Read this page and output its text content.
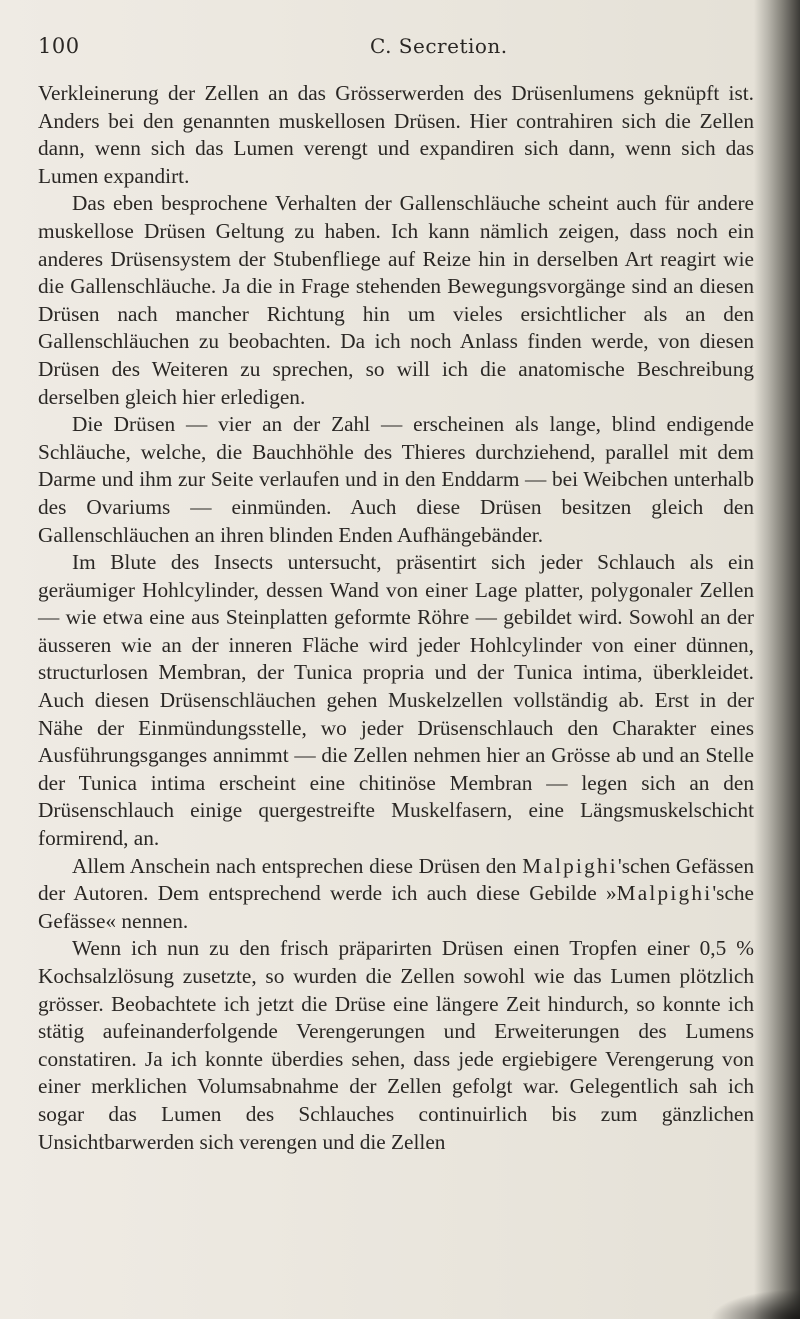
100	C. Secretion.

Verkleinerung der Zellen an das Grösserwerden des Drüsenlumens geknüpft ist. Anders bei den genannten muskellosen Drüsen. Hier contrahiren sich die Zellen dann, wenn sich das Lumen verengt und expandiren sich dann, wenn sich das Lumen expandirt.

Das eben besprochene Verhalten der Gallenschläuche scheint auch für andere muskellose Drüsen Geltung zu haben. Ich kann nämlich zeigen, dass noch ein anderes Drüsensystem der Stubenfliege auf Reize hin in derselben Art reagirt wie die Gallenschläuche. Ja die in Frage stehenden Bewegungsvorgänge sind an diesen Drüsen nach mancher Richtung hin um vieles ersichtlicher als an den Gallenschläuchen zu beobachten. Da ich noch Anlass finden werde, von diesen Drüsen des Weiteren zu sprechen, so will ich die anatomische Beschreibung derselben gleich hier erledigen.

Die Drüsen — vier an der Zahl — erscheinen als lange, blind endigende Schläuche, welche, die Bauchhöhle des Thieres durchziehend, parallel mit dem Darme und ihm zur Seite verlaufen und in den Enddarm — bei Weibchen unterhalb des Ovariums — einmünden. Auch diese Drüsen besitzen gleich den Gallenschläuchen an ihren blinden Enden Aufhängebänder.

Im Blute des Insects untersucht, präsentirt sich jeder Schlauch als ein geräumiger Hohlcylinder, dessen Wand von einer Lage platter, polygonaler Zellen — wie etwa eine aus Steinplatten geformte Röhre — gebildet wird. Sowohl an der äusseren wie an der inneren Fläche wird jeder Hohlcylinder von einer dünnen, structurlosen Membran, der Tunica propria und der Tunica intima, überkleidet. Auch diesen Drüsenschläuchen gehen Muskelzellen vollständig ab. Erst in der Nähe der Einmündungsstelle, wo jeder Drüsenschlauch den Charakter eines Ausführungsganges annimmt — die Zellen nehmen hier an Grösse ab und an Stelle der Tunica intima erscheint eine chitinöse Membran — legen sich an den Drüsenschlauch einige quergestreifte Muskelfasern, eine Längsmuskelschicht formirend, an.

Allem Anschein nach entsprechen diese Drüsen den Malpighi'schen Gefässen der Autoren. Dem entsprechend werde ich auch diese Gebilde »Malpighi'sche Gefässe« nennen.

Wenn ich nun zu den frisch präparirten Drüsen einen Tropfen einer 0,5 % Kochsalzlösung zusetzte, so wurden die Zellen sowohl wie das Lumen plötzlich grösser. Beobachtete ich jetzt die Drüse eine längere Zeit hindurch, so konnte ich stätig aufeinanderfolgende Verengerungen und Erweiterungen des Lumens constatiren. Ja ich konnte überdies sehen, dass jede ergiebigere Verengerung von einer merklichen Volumsabnahme der Zellen gefolgt war. Gelegentlich sah ich sogar das Lumen des Schlauches continuirlich bis zum gänzlichen Unsichtbarwerden sich verengen und die Zellen
